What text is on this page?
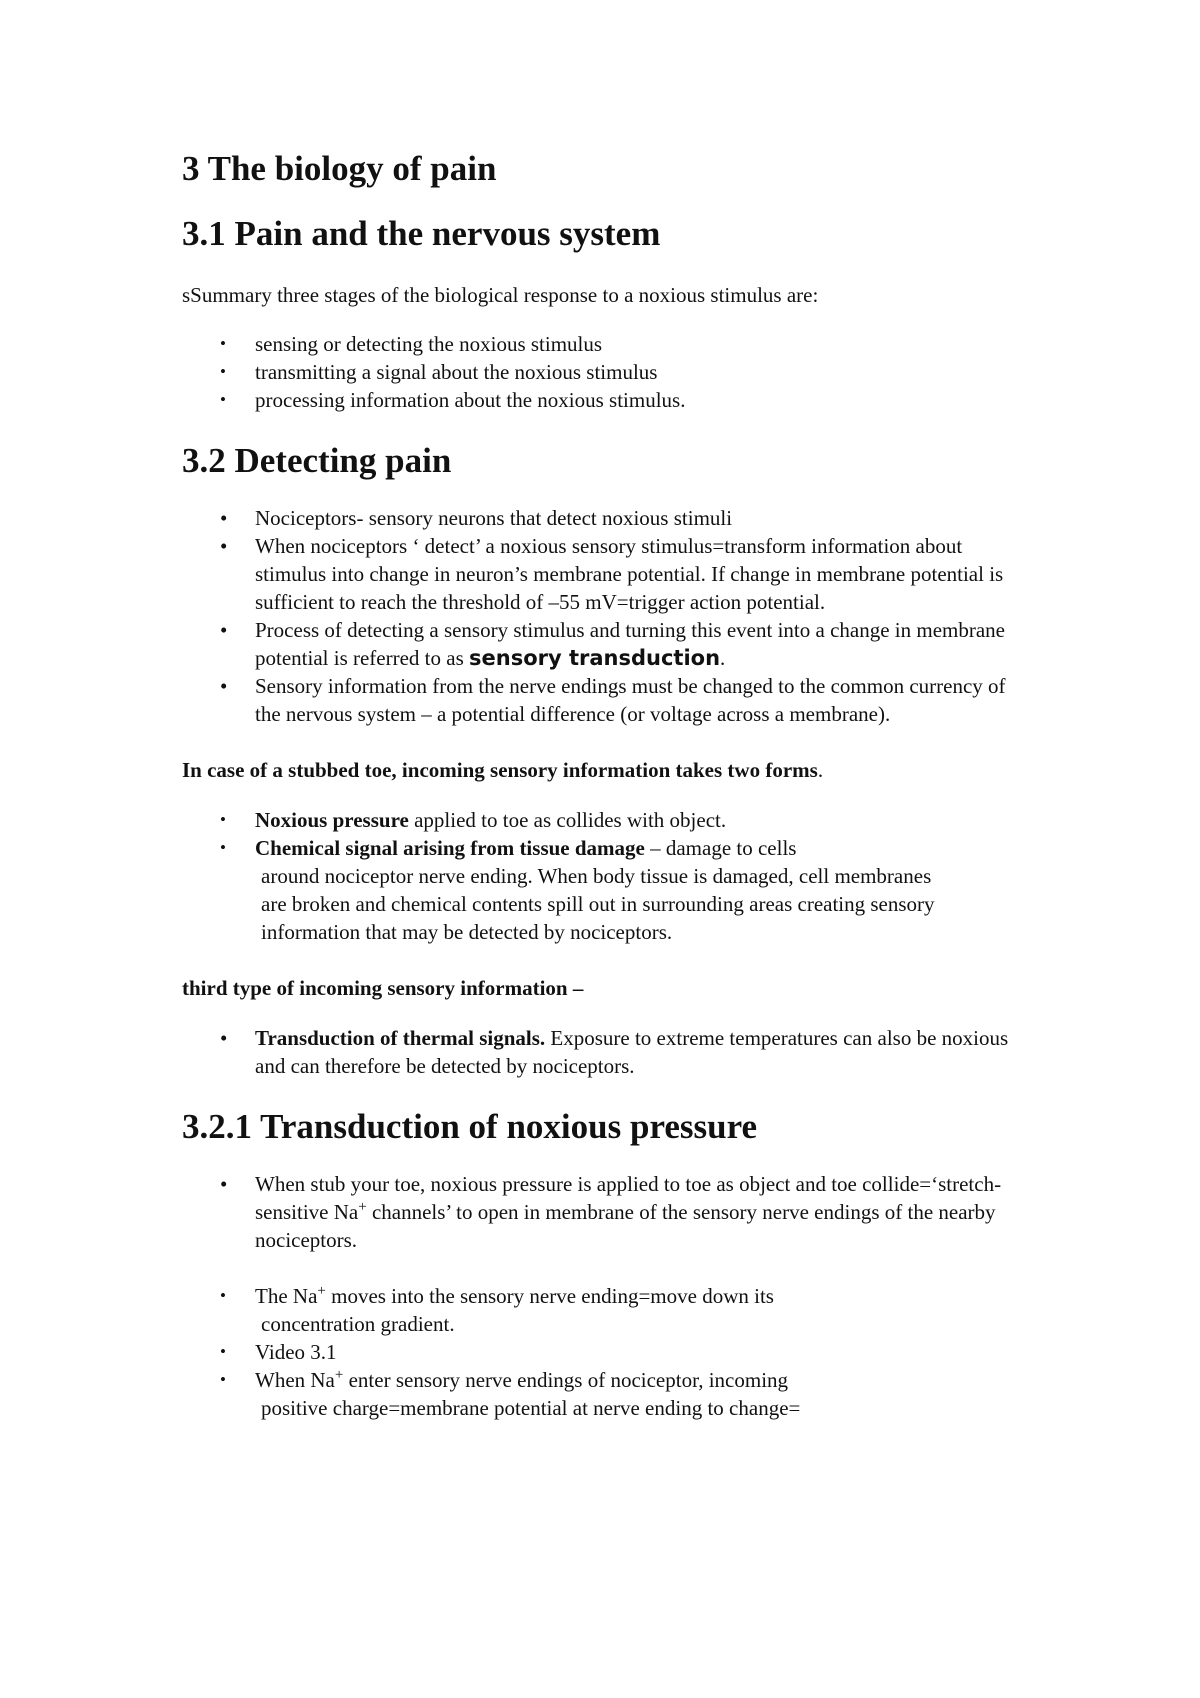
3 The biology of pain
3.1 Pain and the nervous system

sSummary three stages of the biological response to a noxious stimulus are:

• sensing or detecting the noxious stimulus
• transmitting a signal about the noxious stimulus
• processing information about the noxious stimulus.
3.2 Detecting pain
• Nociceptors- sensory neurons that detect noxious stimuli
• When nociceptors ‘ detect’ a noxious sensory stimulus=transform information about stimulus into change in neuron’s membrane potential. If change in membrane potential is sufficient to reach the threshold of –55 mV=trigger action potential.
• Process of detecting a sensory stimulus and turning this event into a change in membrane potential is referred to as sensory transduction.
• Sensory information from the nerve endings must be changed to the common currency of the nervous system – a potential difference (or voltage across a membrane).

In case of a stubbed toe, incoming sensory information takes two forms.

• Noxious pressure applied to toe as collides with object.
• Chemical signal arising from tissue damage – damage to cells
around nociceptor nerve ending. When body tissue is damaged, cell membranes are broken and chemical contents spill out in surrounding areas creating sensory information that may be detected by nociceptors.

third type of incoming sensory information –

• Transduction of thermal signals. Exposure to extreme temperatures can also be noxious and can therefore be detected by nociceptors.
3.2.1 Transduction of noxious pressure
• When stub your toe, noxious pressure is applied to toe as object and toe collide=‘stretch-sensitive Na+ channels’ to open in membrane of the sensory nerve endings of the nearby nociceptors.
• The Na+ moves into the sensory nerve ending=move down its
concentration gradient.
• Video 3.1
• When Na+ enter sensory nerve endings of nociceptor, incoming
positive charge=membrane potential at nerve ending to change=
